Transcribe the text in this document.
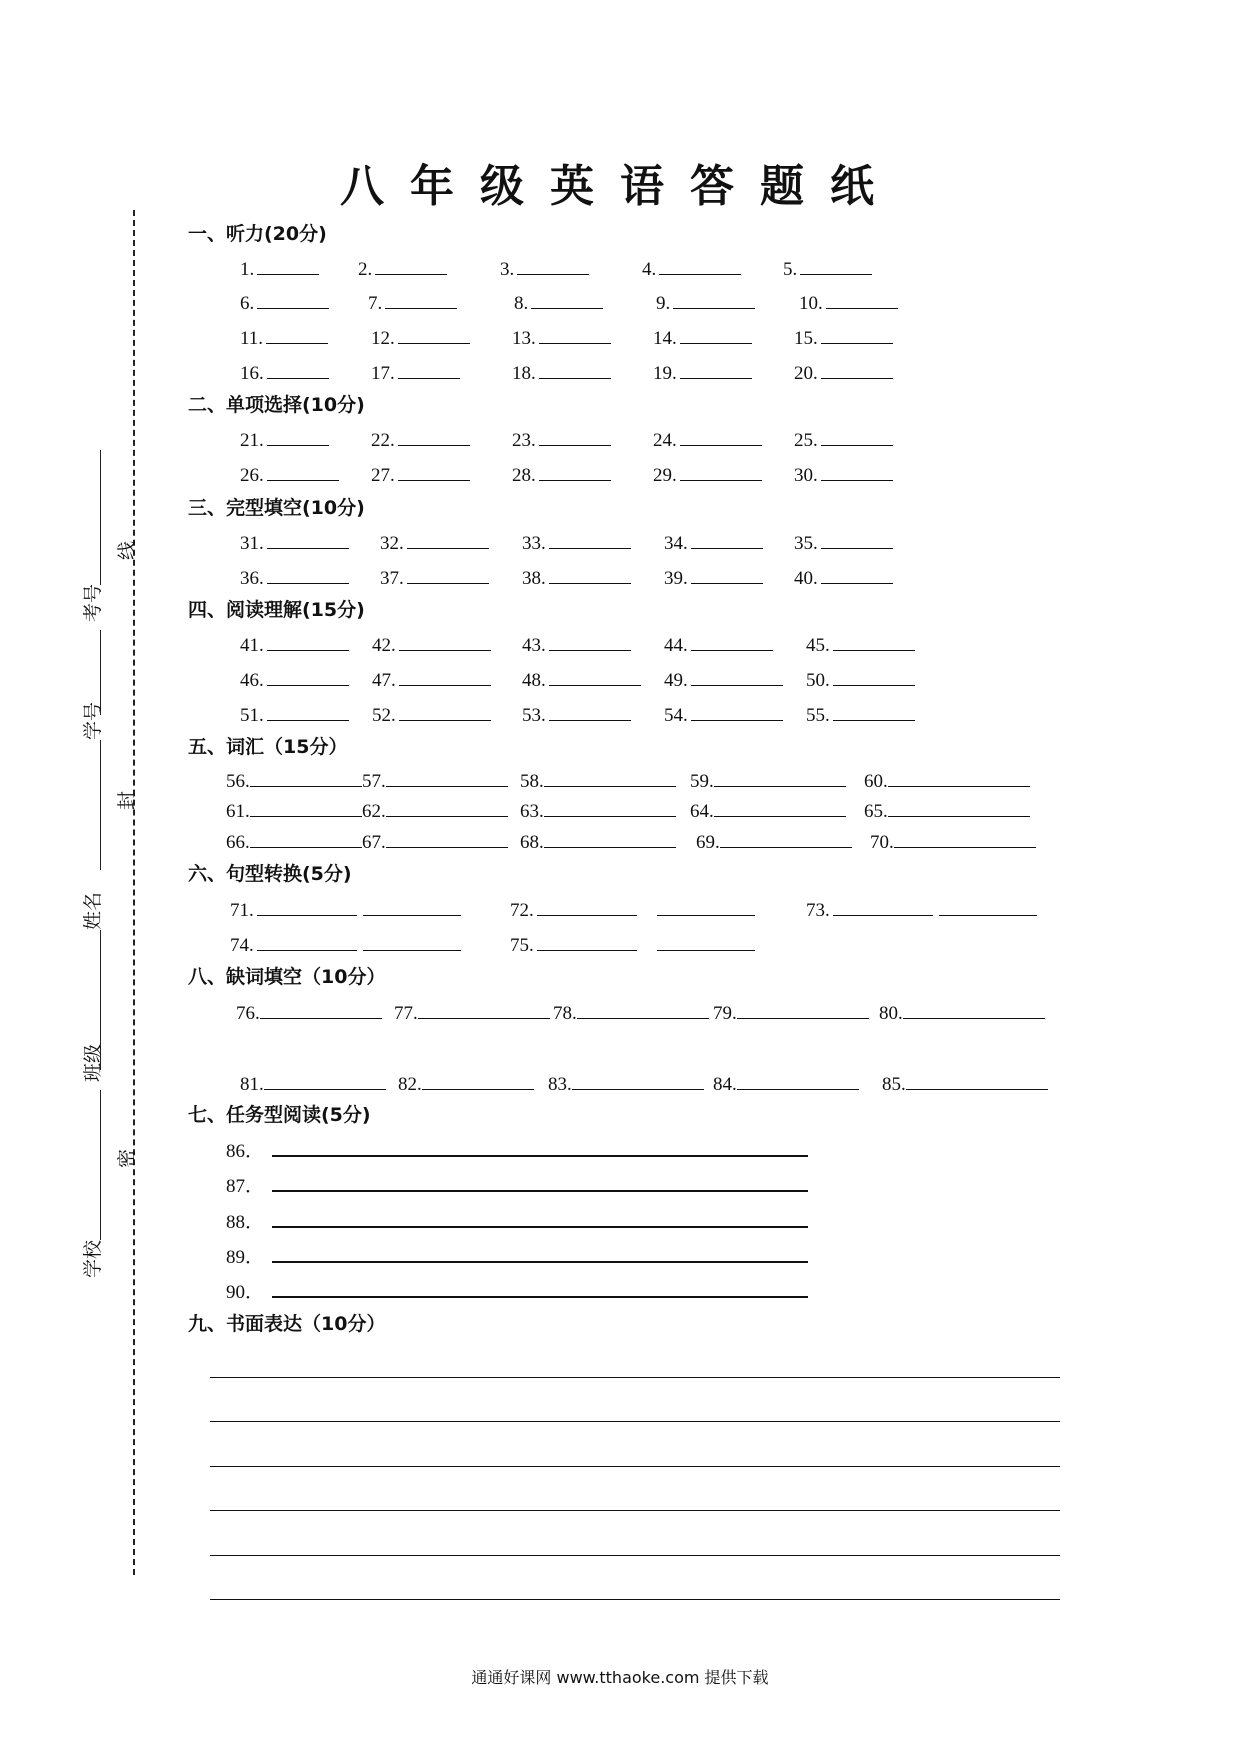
八年级英语答题纸
考号
学号
姓名
班级
学校
线
封
密
一、听力(20分)
1.	2.	3.	4.	5.
6.	7.	8.	9.	10.
11.	12.	13.	14.	15.
16.	17.	18.	19.	20.
二、单项选择(10分)
21.	22.	23.	24.	25.
26.	27.	28.	29.	30.
三、完型填空(10分)
31.	32.	33.	34.	35.
36.	37.	38.	39.	40.
四、阅读理解(15分)
41.	42.	43.	44.	45.
46.	47.	48.	49.	50.
51.	52.	53.	54.	55.
五、词汇（15分）
56.	57.	58.	59.	60.
61.	62.	63.	64.	65.
66.	67.	68.	69.	70.
六、句型转换(5分)
71.	72.	73.
74.	75.
八、缺词填空（10分）
76.	77.	78.	79.	80.
81.	82.	83.	84.	85.
七、任务型阅读(5分)
86．
87．
88．
89．
90．
九、书面表达（10分）
通通好课网 www.tthaoke.com 提供下载
